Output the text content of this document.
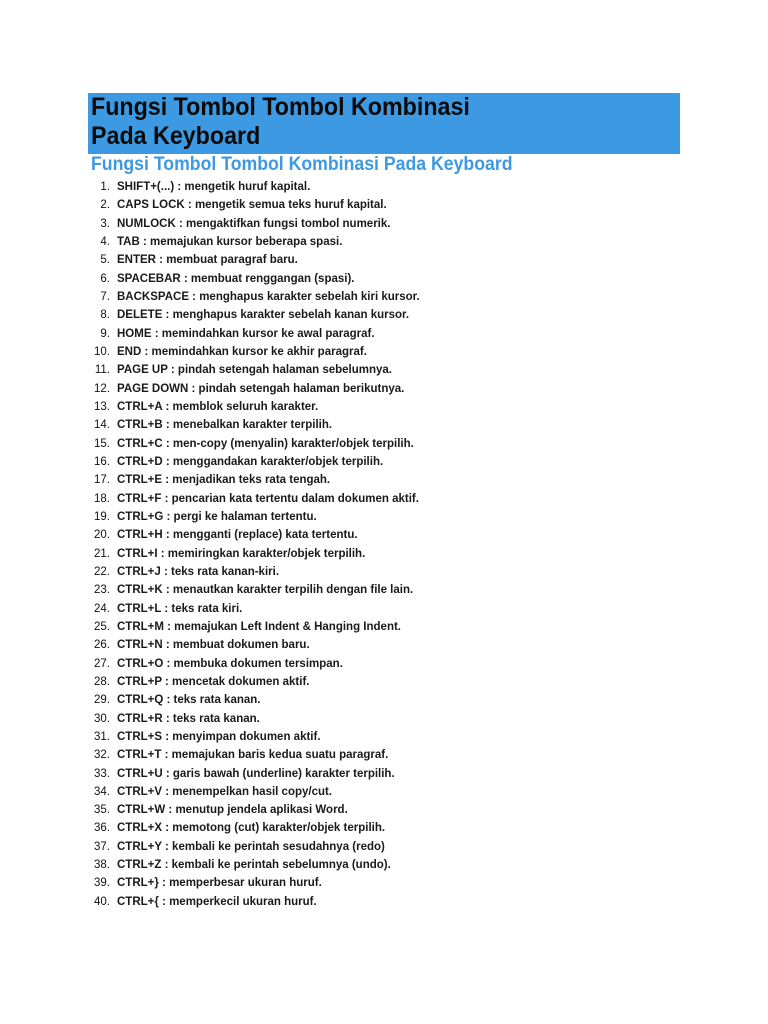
Fungsi Tombol Tombol Kombinasi
Pada Keyboard
Fungsi Tombol Tombol Kombinasi Pada Keyboard
1. SHIFT+(...) : mengetik huruf kapital.
2. CAPS LOCK : mengetik semua teks huruf kapital.
3. NUMLOCK : mengaktifkan fungsi tombol numerik.
4. TAB : memajukan kursor beberapa spasi.
5. ENTER : membuat paragraf baru.
6. SPACEBAR : membuat renggangan (spasi).
7. BACKSPACE : menghapus karakter sebelah kiri kursor.
8. DELETE : menghapus karakter sebelah kanan kursor.
9. HOME : memindahkan kursor ke awal paragraf.
10. END : memindahkan kursor ke akhir paragraf.
11. PAGE UP : pindah setengah halaman sebelumnya.
12. PAGE DOWN : pindah setengah halaman berikutnya.
13. CTRL+A : memblok seluruh karakter.
14. CTRL+B : menebalkan karakter terpilih.
15. CTRL+C : men-copy (menyalin) karakter/objek terpilih.
16. CTRL+D : menggandakan karakter/objek terpilih.
17. CTRL+E : menjadikan teks rata tengah.
18. CTRL+F : pencarian kata tertentu dalam dokumen aktif.
19. CTRL+G : pergi ke halaman tertentu.
20. CTRL+H : mengganti (replace) kata tertentu.
21. CTRL+I : memiringkan karakter/objek terpilih.
22. CTRL+J : teks rata kanan-kiri.
23. CTRL+K : menautkan karakter terpilih dengan file lain.
24. CTRL+L : teks rata kiri.
25. CTRL+M : memajukan Left Indent & Hanging Indent.
26. CTRL+N : membuat dokumen baru.
27. CTRL+O : membuka dokumen tersimpan.
28. CTRL+P : mencetak dokumen aktif.
29. CTRL+Q : teks rata kanan.
30. CTRL+R : teks rata kanan.
31. CTRL+S : menyimpan dokumen aktif.
32. CTRL+T : memajukan baris kedua suatu paragraf.
33. CTRL+U : garis bawah (underline) karakter terpilih.
34. CTRL+V : menempelkan hasil copy/cut.
35. CTRL+W : menutup jendela aplikasi Word.
36. CTRL+X : memotong (cut) karakter/objek terpilih.
37. CTRL+Y : kembali ke perintah sesudahnya (redo)
38. CTRL+Z : kembali ke perintah sebelumnya (undo).
39. CTRL+} : memperbesar ukuran huruf.
40. CTRL+{ : memperkecil ukuran huruf.
